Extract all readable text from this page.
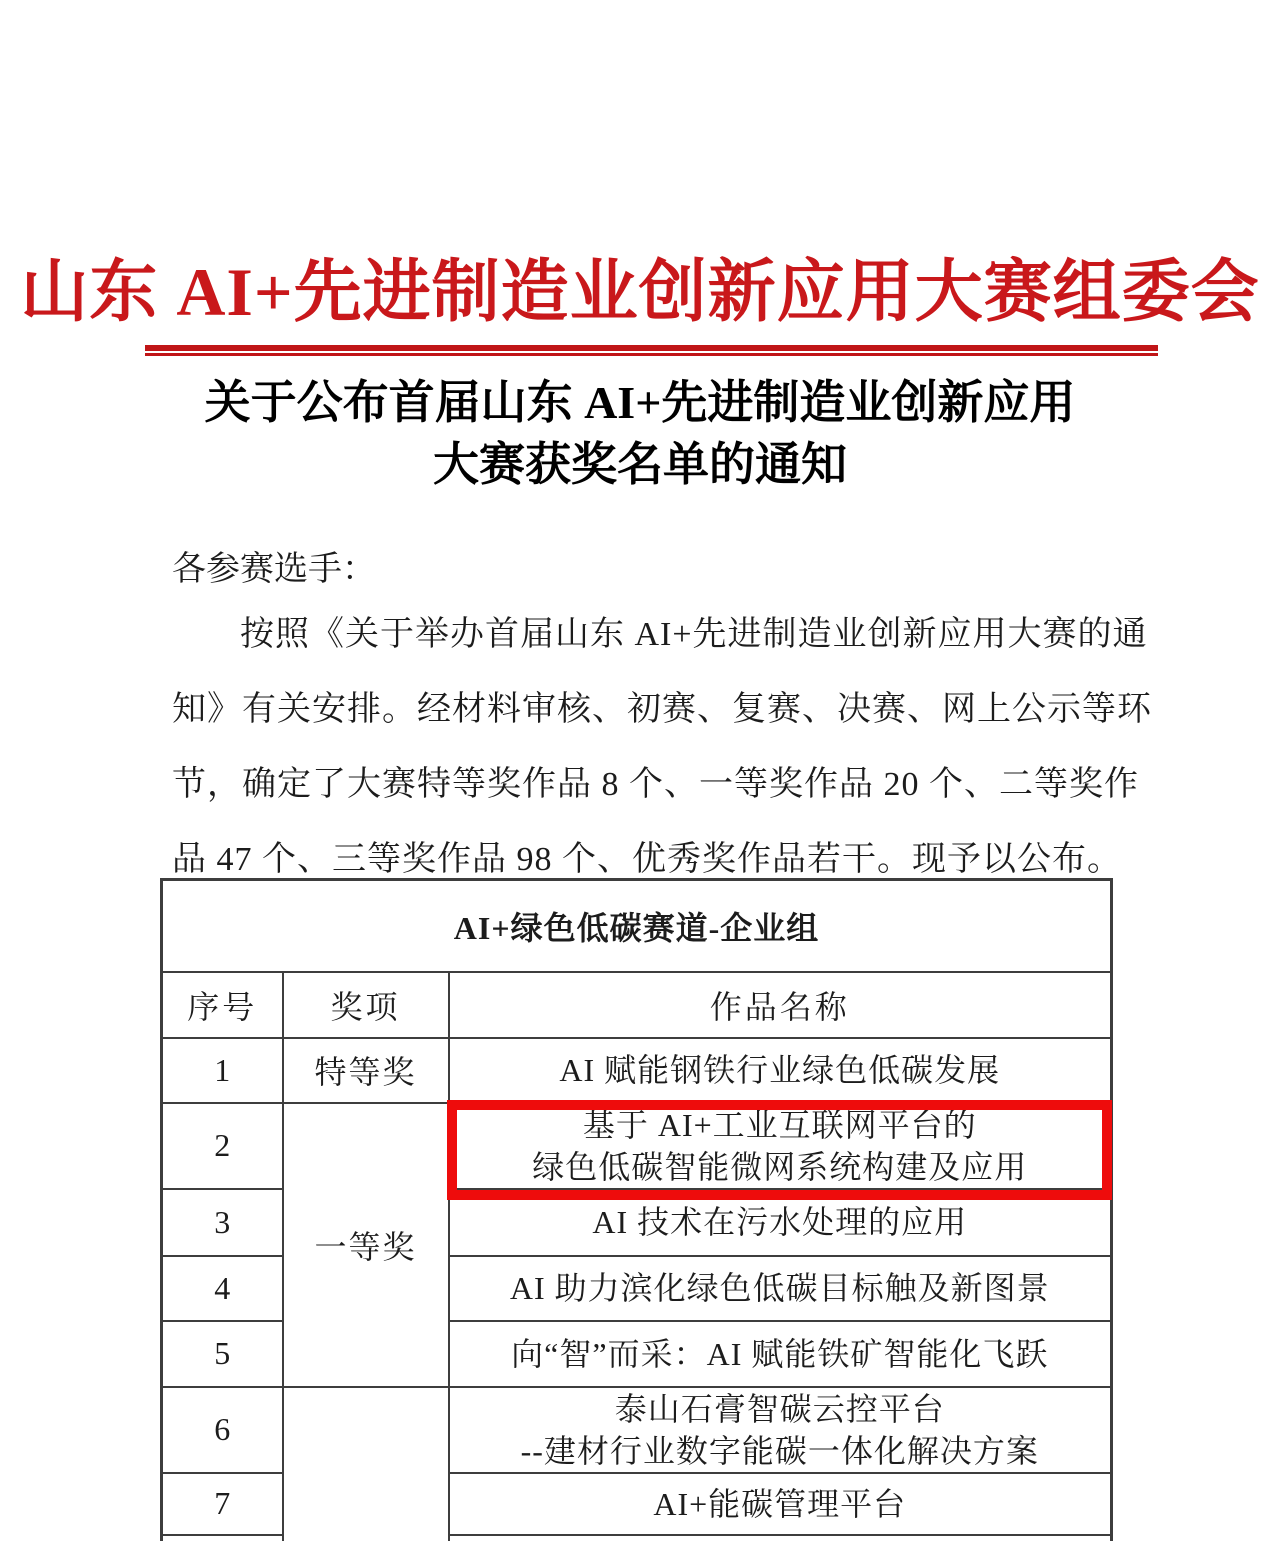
山东 AI+先进制造业创新应用大赛组委会
关于公布首届山东 AI+先进制造业创新应用
大赛获奖名单的通知
各参赛选手：
按照《关于举办首届山东 AI+先进制造业创新应用大赛的通
知》有关安排。经材料审核、初赛、复赛、决赛、网上公示等环
节，确定了大赛特等奖作品 8 个、一等奖作品 20 个、二等奖作
品 47 个、三等奖作品 98 个、优秀奖作品若干。现予以公布。
AI+绿色低碳赛道-企业组		
序号	奖项	作品名称
1	特等奖	AI 赋能钢铁行业绿色低碳发展

2	一等奖	基于 AI+工业互联网平台的
绿色低碳智能微网系统构建及应用

3		AI 技术在污水处理的应用

4		AI 助力滨化绿色低碳目标触及新图景

5		向“智”而采：AI 赋能铁矿智能化飞跃

6		泰山石膏智碳云控平台
--建材行业数字能碳一体化解决方案

7		AI+能碳管理平台
